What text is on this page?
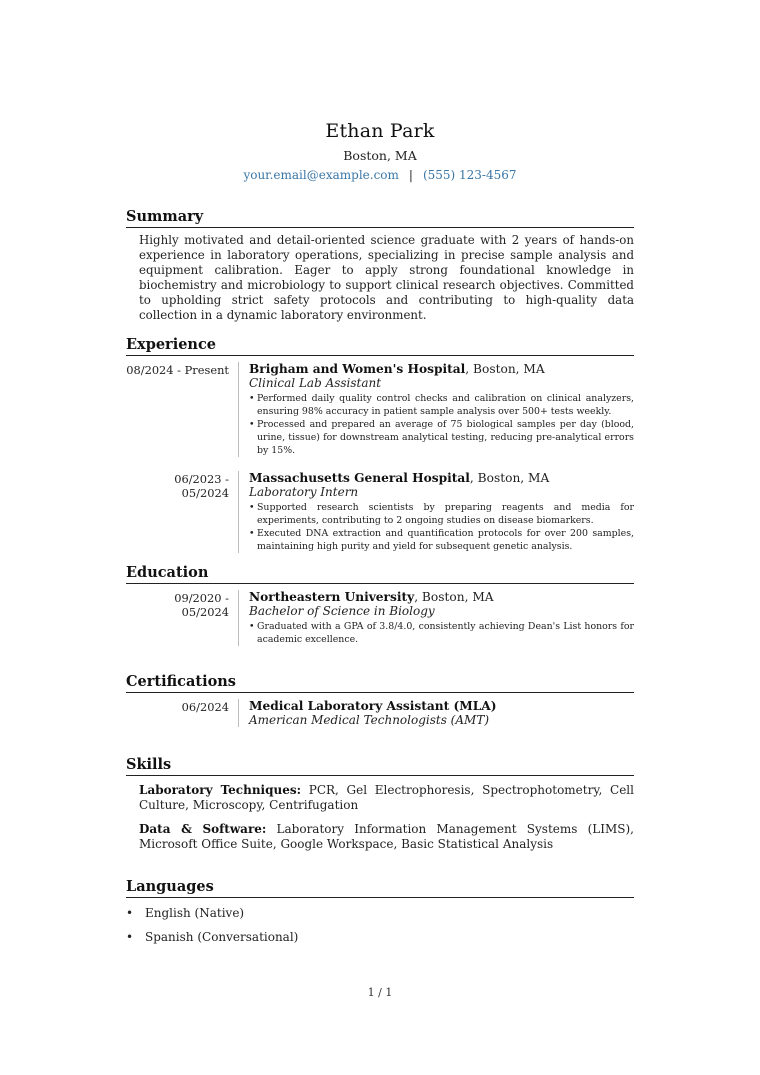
Ethan Park
Boston, MA
your.email@example.com | (555) 123-4567
Summary
Highly motivated and detail-oriented science graduate with 2 years of hands-on experience in laboratory operations, specializing in precise sample analysis and equipment calibration. Eager to apply strong foundational knowledge in biochemistry and microbiology to support clinical research objectives. Committed to upholding strict safety protocols and contributing to high-quality data collection in a dynamic laboratory environment.
Experience
08/2024 - Present	Brigham and Women's Hospital, Boston, MA
Clinical Lab Assistant
• Performed daily quality control checks and calibration on clinical analyzers, ensuring 98% accuracy in patient sample analysis over 500+ tests weekly.
• Processed and prepared an average of 75 biological samples per day (blood, urine, tissue) for downstream analytical testing, reducing pre-analytical errors by 15%.
06/2023 - 05/2024
Massachusetts General Hospital, Boston, MA
Laboratory Intern
• Supported research scientists by preparing reagents and media for experiments, contributing to 2 ongoing studies on disease biomarkers.
• Executed DNA extraction and quantification protocols for over 200 samples, maintaining high purity and yield for subsequent genetic analysis.
Education
09/2020 - 05/2024
Northeastern University, Boston, MA
Bachelor of Science in Biology
• Graduated with a GPA of 3.8/4.0, consistently achieving Dean's List honors for academic excellence.
Certifications
06/2024	Medical Laboratory Assistant (MLA)
American Medical Technologists (AMT)
Skills
Laboratory Techniques: PCR, Gel Electrophoresis, Spectrophotometry, Cell Culture, Microscopy, Centrifugation
Data & Software: Laboratory Information Management Systems (LIMS), Microsoft Office Suite, Google Workspace, Basic Statistical Analysis
Languages
• English (Native)
• Spanish (Conversational)
1 / 1
